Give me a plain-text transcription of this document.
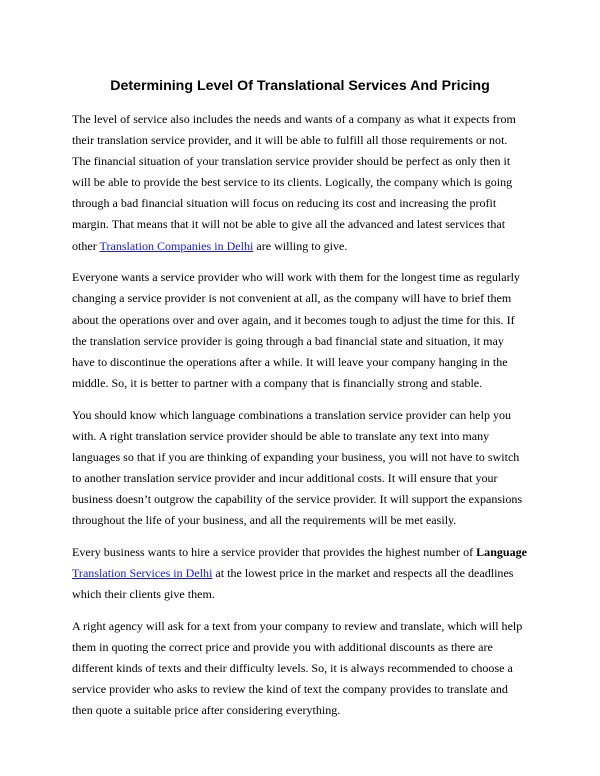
Determining Level Of Translational Services And Pricing

The level of service also includes the needs and wants of a company as what it expects from their translation service provider, and it will be able to fulfill all those requirements or not. The financial situation of your translation service provider should be perfect as only then it will be able to provide the best service to its clients. Logically, the company which is going through a bad financial situation will focus on reducing its cost and increasing the profit margin. That means that it will not be able to give all the advanced and latest services that other Translation Companies in Delhi are willing to give.

Everyone wants a service provider who will work with them for the longest time as regularly changing a service provider is not convenient at all, as the company will have to brief them about the operations over and over again, and it becomes tough to adjust the time for this. If the translation service provider is going through a bad financial state and situation, it may have to discontinue the operations after a while. It will leave your company hanging in the middle. So, it is better to partner with a company that is financially strong and stable.

You should know which language combinations a translation service provider can help you with. A right translation service provider should be able to translate any text into many languages so that if you are thinking of expanding your business, you will not have to switch to another translation service provider and incur additional costs. It will ensure that your business doesn’t outgrow the capability of the service provider. It will support the expansions throughout the life of your business, and all the requirements will be met easily.

Every business wants to hire a service provider that provides the highest number of Language Translation Services in Delhi at the lowest price in the market and respects all the deadlines which their clients give them.

A right agency will ask for a text from your company to review and translate, which will help them in quoting the correct price and provide you with additional discounts as there are different kinds of texts and their difficulty levels. So, it is always recommended to choose a service provider who asks to review the kind of text the company provides to translate and then quote a suitable price after considering everything.
